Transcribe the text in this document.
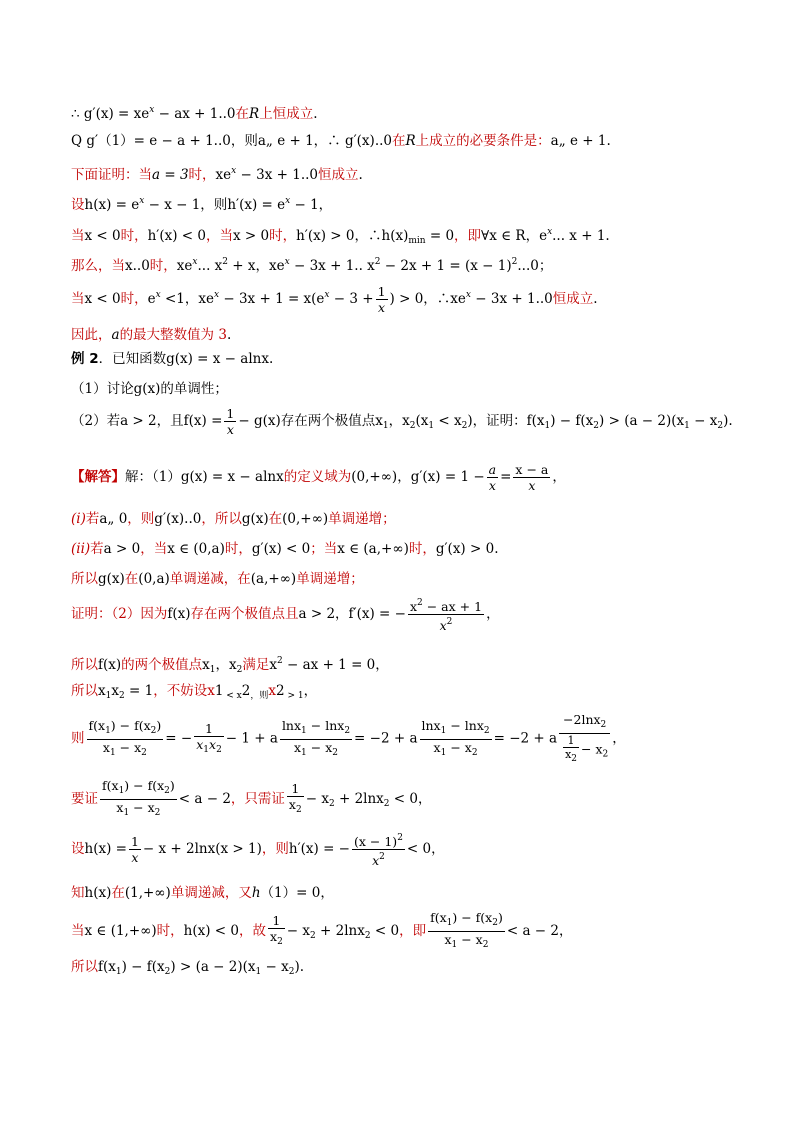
∴ $g'(x) = xe^x$ − ax + 1..0在R上恒成立.
Q g′（1）= e − a + 1..0，则a„ e + 1，∴ g′(x)..0在R上成立的必要条件是：a„ e + 1.
下面证明：当a = 3时，$xe^x - 3x + 1..0$恒成立.
设$h(x) = e^x - x - 1$，则$h'(x) = e^x - 1$，
当x < 0时，h′(x) < 0，当x > 0时，h′(x) > 0，$\therefore h(x)_{min} = 0$，即∀x ∈ R，$e^x$... x + 1.
那么，当x..0时，$xe^x$... $x^2 + x$，$xe^x - 3x + 1$.. $x^2 - 2x + 1 = (x - 1)^2...0$；
当x < 0时，$e^x <1$，$xe^x - 3x + 1 = x(e^x - 3 + \frac{1}{x}$ ) > 0，$\therefore xe^x - 3x + 1..0$恒成立.
因此，a的最大整数值为 3.
例 2．已知函数g(x) = x − alnx.
（1）讨论g(x)的单调性；
（2）若a > 2，且$f(x) = \frac{1}{x} - g(x)$存在两个极值点$x_1$，$x_2(x_1 < x_2)$，证明：$f(x_1) - f(x_2) > (a - 2)(x_1 - x_2)$.
【解答】解：（1）g(x) = x − alnx的定义域为(0,+∞)，$g'(x) = 1 - \frac{a}{x} = \frac{x - a}{x}$ ，
(i)若a„ 0，则g′(x)..0，所以g(x)在(0,+∞)单调递增；
(ii)若a > 0，当x ∈ (0,a)时，g′(x) < 0；当x ∈ (a,+∞)时，g′(x) > 0.
所以g(x)在(0,a)单调递减，在(a,+∞)单调递增；
证明：（2）因为f(x)存在两个极值点且a > 2，f′(x) = − $\frac{x^2 - ax + 1}{x^2}$ ，
所以f(x)的两个极值点$x_1$，$x_2$满足$x^2$ − ax + 1 = 0，
所以$x_1x_2 = 1$，不妨设x1 $_{< x}2_{,则}x2$ $_{> 1}$，
则 $\frac{f(x_1) - f(x_2)}{x_1 - x_2}$ = − $\frac{1}{x_1x_2} - 1 + a \frac{\ln x_1 - \ln x_2}{x_1 - x_2} = -2 + a \frac{\ln x_1 - \ln x_2}{x_1 - x_2} = -2 + a \frac{-2\ln x_2}{\frac{1}{x_2} - x_2}$ ，
要证 $\frac{f(x_1) - f(x_2)}{x_1 - x_2} < a - 2$，只需证 $\frac{1}{x_2} - x_2 + 2\ln x_2 < 0$，
设$h(x) = \frac{1}{x} - x + 2\ln x(x > 1)$，则h′(x) = − $\frac{(x - 1)^2}{x^2} < 0$，
知h(x)在(1,+∞)单调递减，又h（1）= 0，
当x ∈ (1,+∞)时，h(x) < 0，故 $\frac{1}{x_2} - x_2 + 2\ln x_2 < 0$，即 $\frac{f(x_1) - f(x_2)}{x_1 - x_2} < a - 2$，
所以$f(x_1) - f(x_2) > (a - 2)(x_1 - x_2)$.
